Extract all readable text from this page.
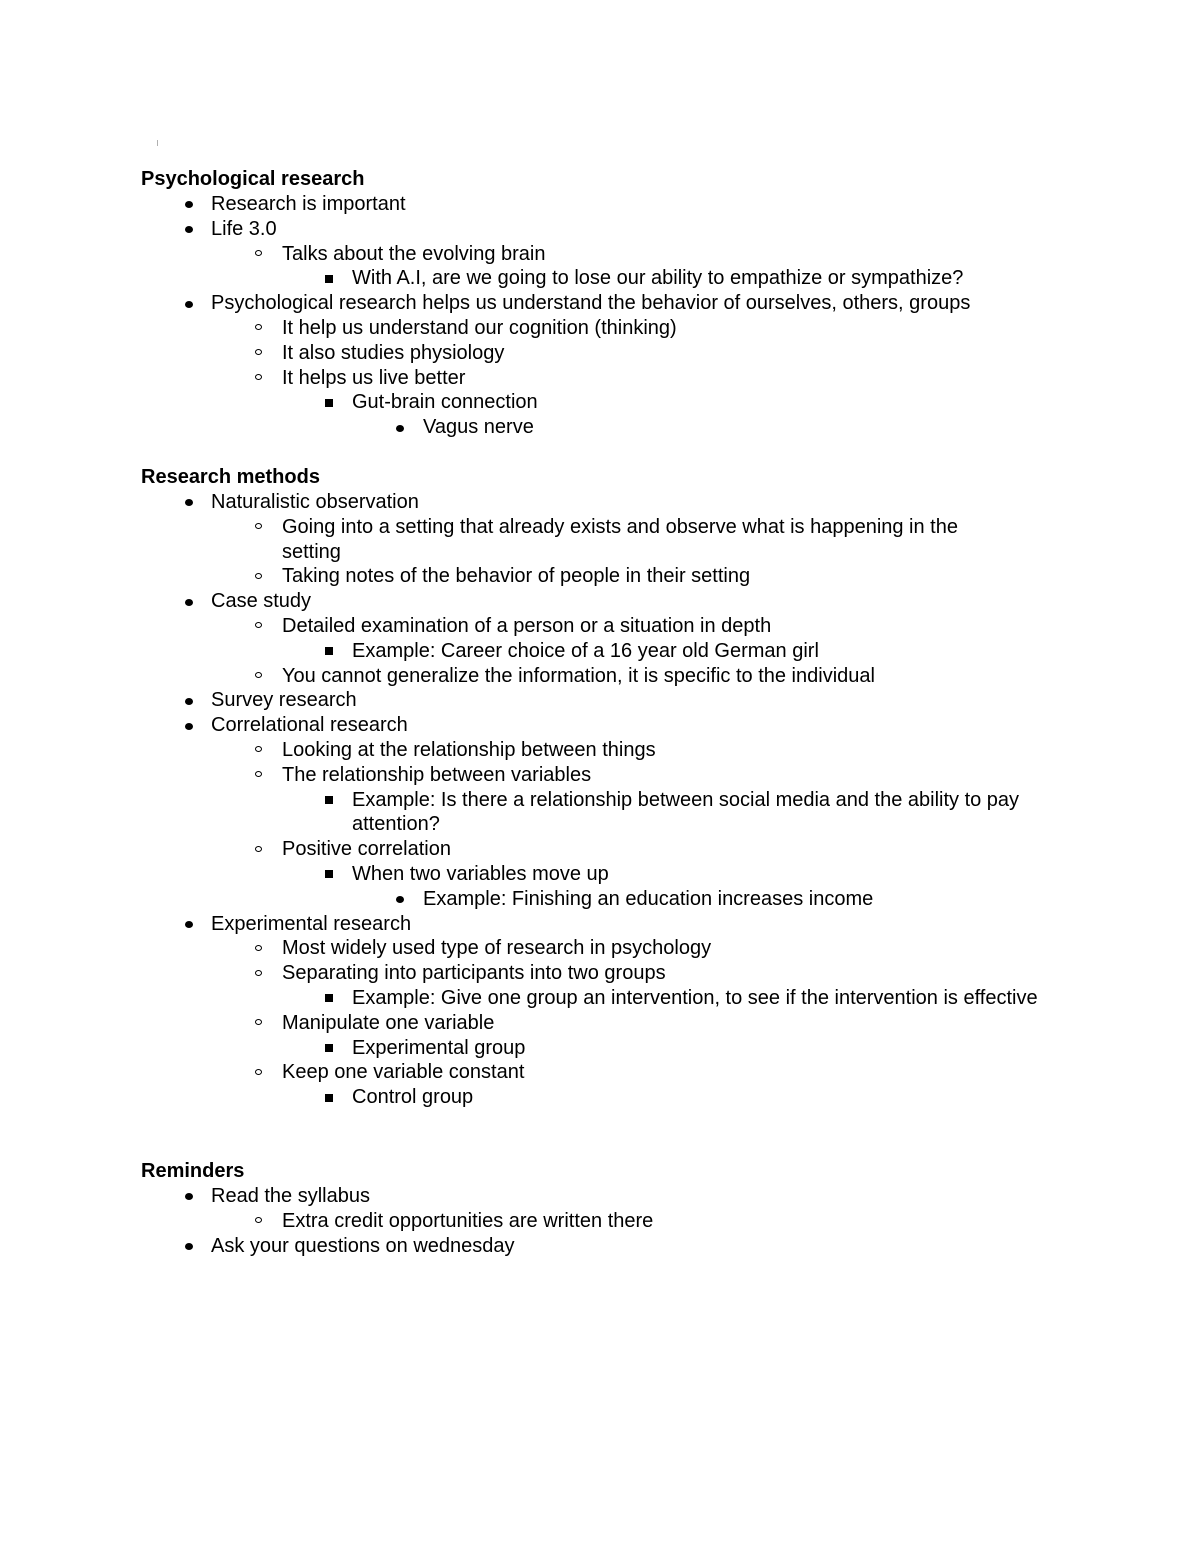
Psychological research
Research is important
Life 3.0
Talks about the evolving brain
With A.I, are we going to lose our ability to empathize or sympathize?
Psychological research helps us understand the behavior of ourselves, others, groups
It help us understand our cognition (thinking)
It also studies physiology
It helps us live better
Gut-brain connection
Vagus nerve
Research methods
Naturalistic observation
Going into a setting that already exists and observe what is happening in the setting
Taking notes of the behavior of people in their setting
Case study
Detailed examination of a person or a situation in depth
Example: Career choice of a 16 year old German girl
You cannot generalize the information, it is specific to the individual
Survey research
Correlational research
Looking at the relationship between things
The relationship between variables
Example: Is there a relationship between social media and the ability to pay attention?
Positive correlation
When two variables move up
Example: Finishing an education increases income
Experimental research
Most widely used type of research in psychology
Separating into participants into two groups
Example: Give one group an intervention, to see if the intervention is effective
Manipulate one variable
Experimental group
Keep one variable constant
Control group
Reminders
Read the syllabus
Extra credit opportunities are written there
Ask your questions on wednesday
